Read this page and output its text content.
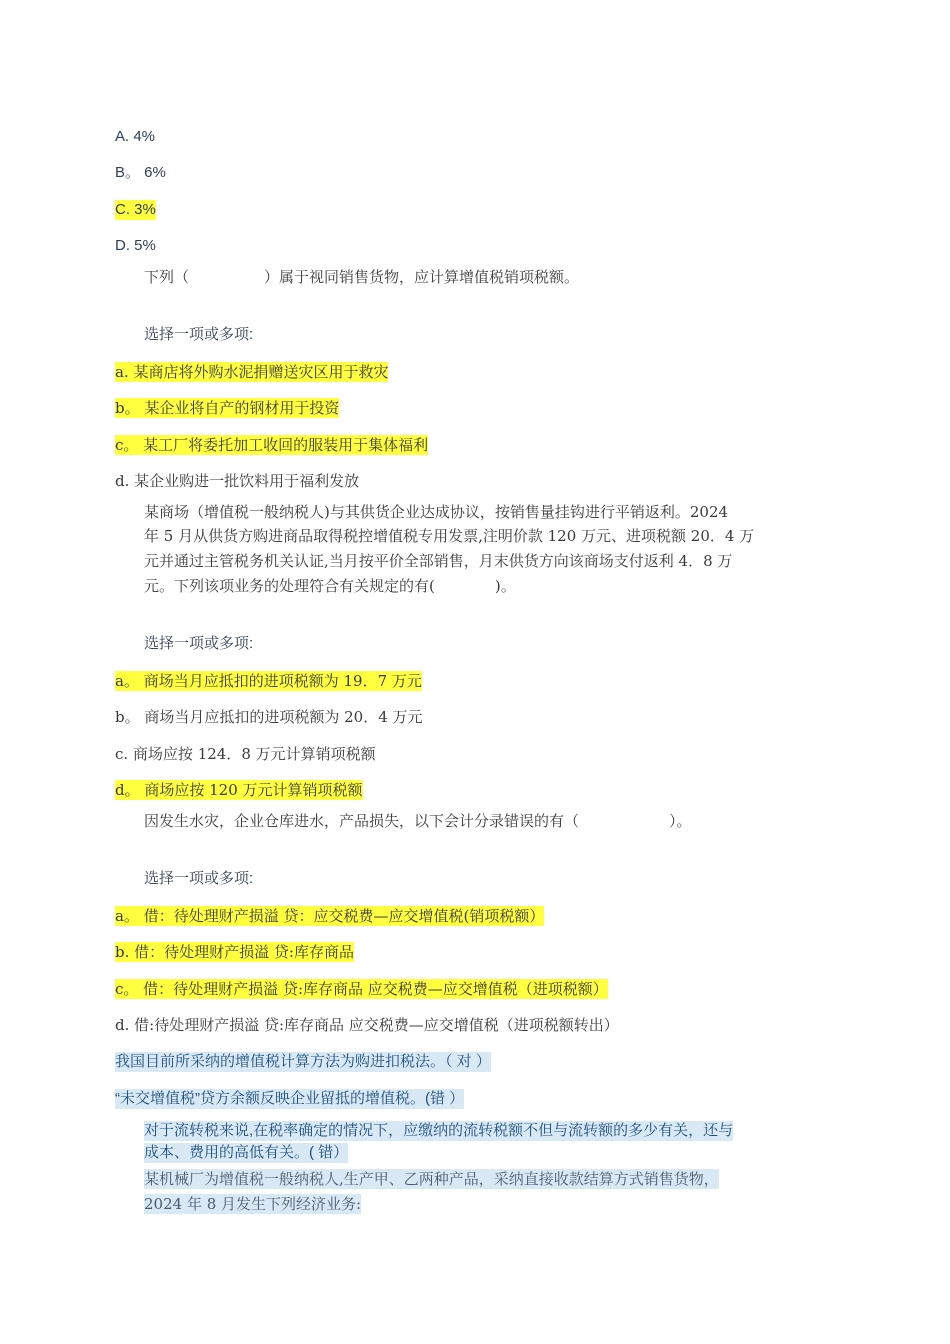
A. 4%
B。 6%
C. 3%
D. 5%
下列（　　　　　）属于视同销售货物，应计算增值税销项税额。
选择一项或多项:
a. 某商店将外购水泥捐赠送灾区用于救灾
b。 某企业将自产的钢材用于投资
c。 某工厂将委托加工收回的服装用于集体福利
d. 某企业购进一批饮料用于福利发放
某商场（增值税一般纳税人)与其供货企业达成协议，按销售量挂钩进行平销返利。2024
年 5 月从供货方购进商品取得税控增值税专用发票,注明价款 120 万元、进项税额 20．4 万
元并通过主管税务机关认证,当月按平价全部销售，月末供货方向该商场支付返利 4．8 万
元。下列该项业务的处理符合有关规定的有(　　　　)。
选择一项或多项:
a。 商场当月应抵扣的进项税额为 19．7 万元
b。 商场当月应抵扣的进项税额为 20．4 万元
c. 商场应按 124．8 万元计算销项税额
d。 商场应按 120 万元计算销项税额
因发生水灾，企业仓库进水，产品损失，以下会计分录错误的有（　　　　　　）。
选择一项或多项:
a。 借：待处理财产损溢 贷：应交税费—应交增值税(销项税额）
b. 借：待处理财产损溢 贷:库存商品
c。 借：待处理财产损溢 贷:库存商品 应交税费—应交增值税（进项税额）
d. 借:待处理财产损溢 贷:库存商品 应交税费—应交增值税（进项税额转出）
我国目前所采纳的增值税计算方法为购进扣税法。（ 对 ）
“未交增值税”贷方余额反映企业留抵的增值税。(错 ）
对于流转税来说,在税率确定的情况下，应缴纳的流转税额不但与流转额的多少有关，还与
成本、费用的高低有关。( 错）
某机械厂为增值税一般纳税人,生产甲、乙两种产品，采纳直接收款结算方式销售货物，
2024 年 8 月发生下列经济业务:
